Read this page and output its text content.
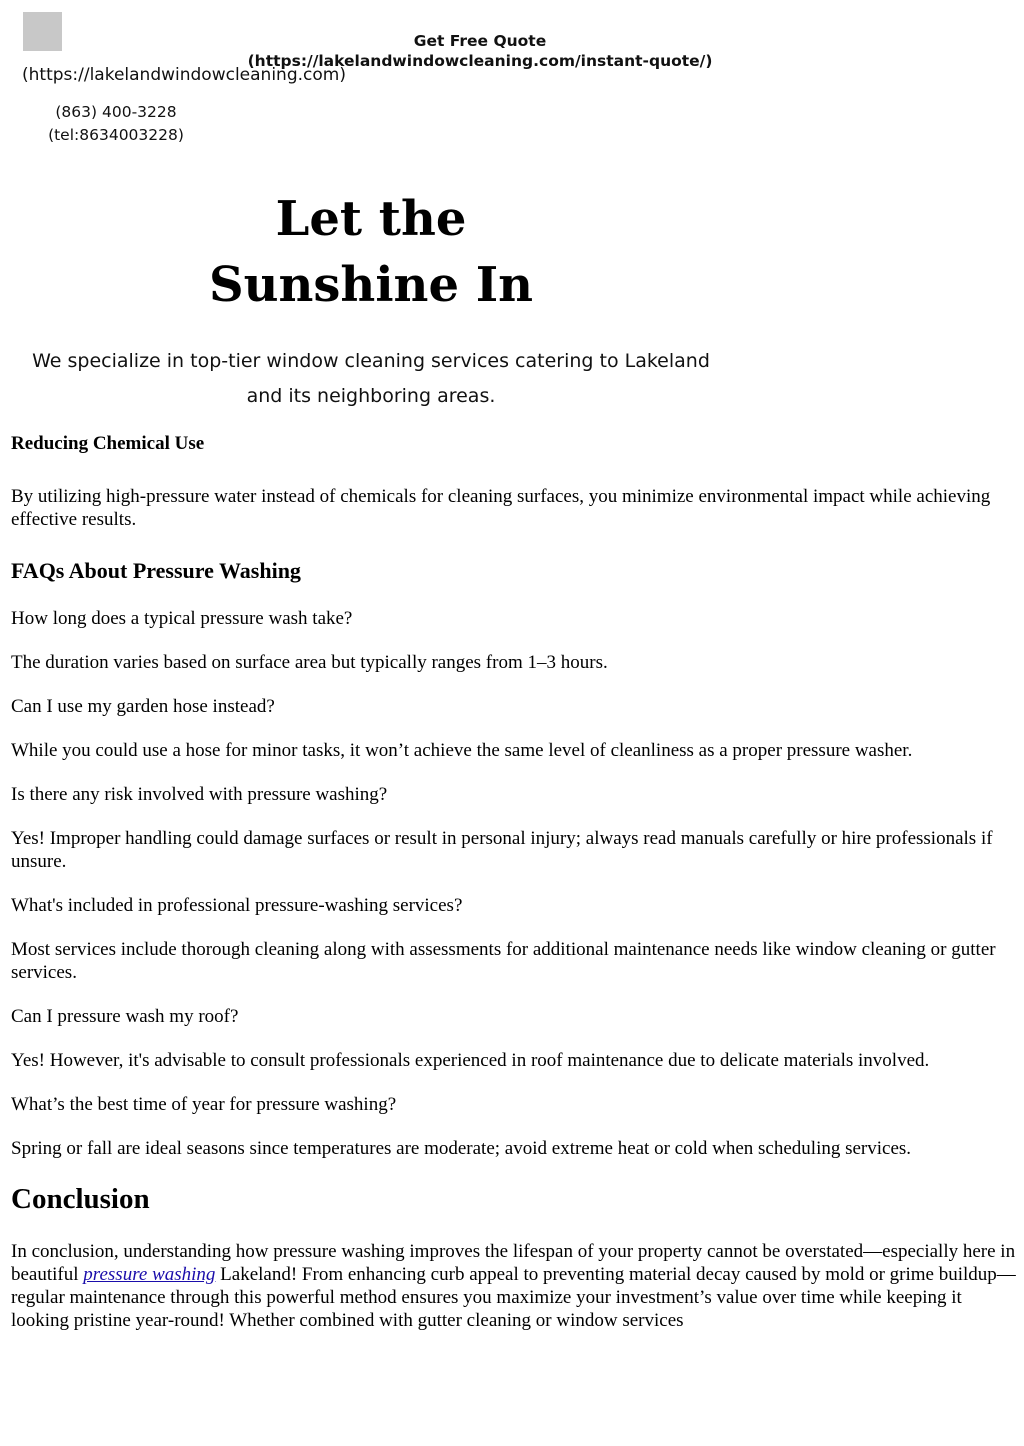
(https://lakelandwindowcleaning.com)
Get Free Quote
(https://lakelandwindowcleaning.com/instant-quote/)
(863) 400-3228
(tel:8634003228)
Let the
Sunshine In

We specialize in top-tier window cleaning services catering to Lakeland and its neighboring areas.

Reducing Chemical Use

By utilizing high-pressure water instead of chemicals for cleaning surfaces, you minimize environmental impact while achieving effective results.

FAQs About Pressure Washing

How long does a typical pressure wash take?

The duration varies based on surface area but typically ranges from 1–3 hours.

Can I use my garden hose instead?

While you could use a hose for minor tasks, it won’t achieve the same level of cleanliness as a proper pressure washer.

Is there any risk involved with pressure washing?

Yes! Improper handling could damage surfaces or result in personal injury; always read manuals carefully or hire professionals if unsure.

What's included in professional pressure-washing services?

Most services include thorough cleaning along with assessments for additional maintenance needs like window cleaning or gutter services.

Can I pressure wash my roof?

Yes! However, it's advisable to consult professionals experienced in roof maintenance due to delicate materials involved.

What’s the best time of year for pressure washing?

Spring or fall are ideal seasons since temperatures are moderate; avoid extreme heat or cold when scheduling services.

Conclusion

In conclusion, understanding how pressure washing improves the lifespan of your property cannot be overstated—especially here in beautiful pressure washing Lakeland! From enhancing curb appeal to preventing material decay caused by mold or grime buildup—regular maintenance through this powerful method ensures you maximize your investment’s value over time while keeping it looking pristine year-round! Whether combined with gutter cleaning or window services
